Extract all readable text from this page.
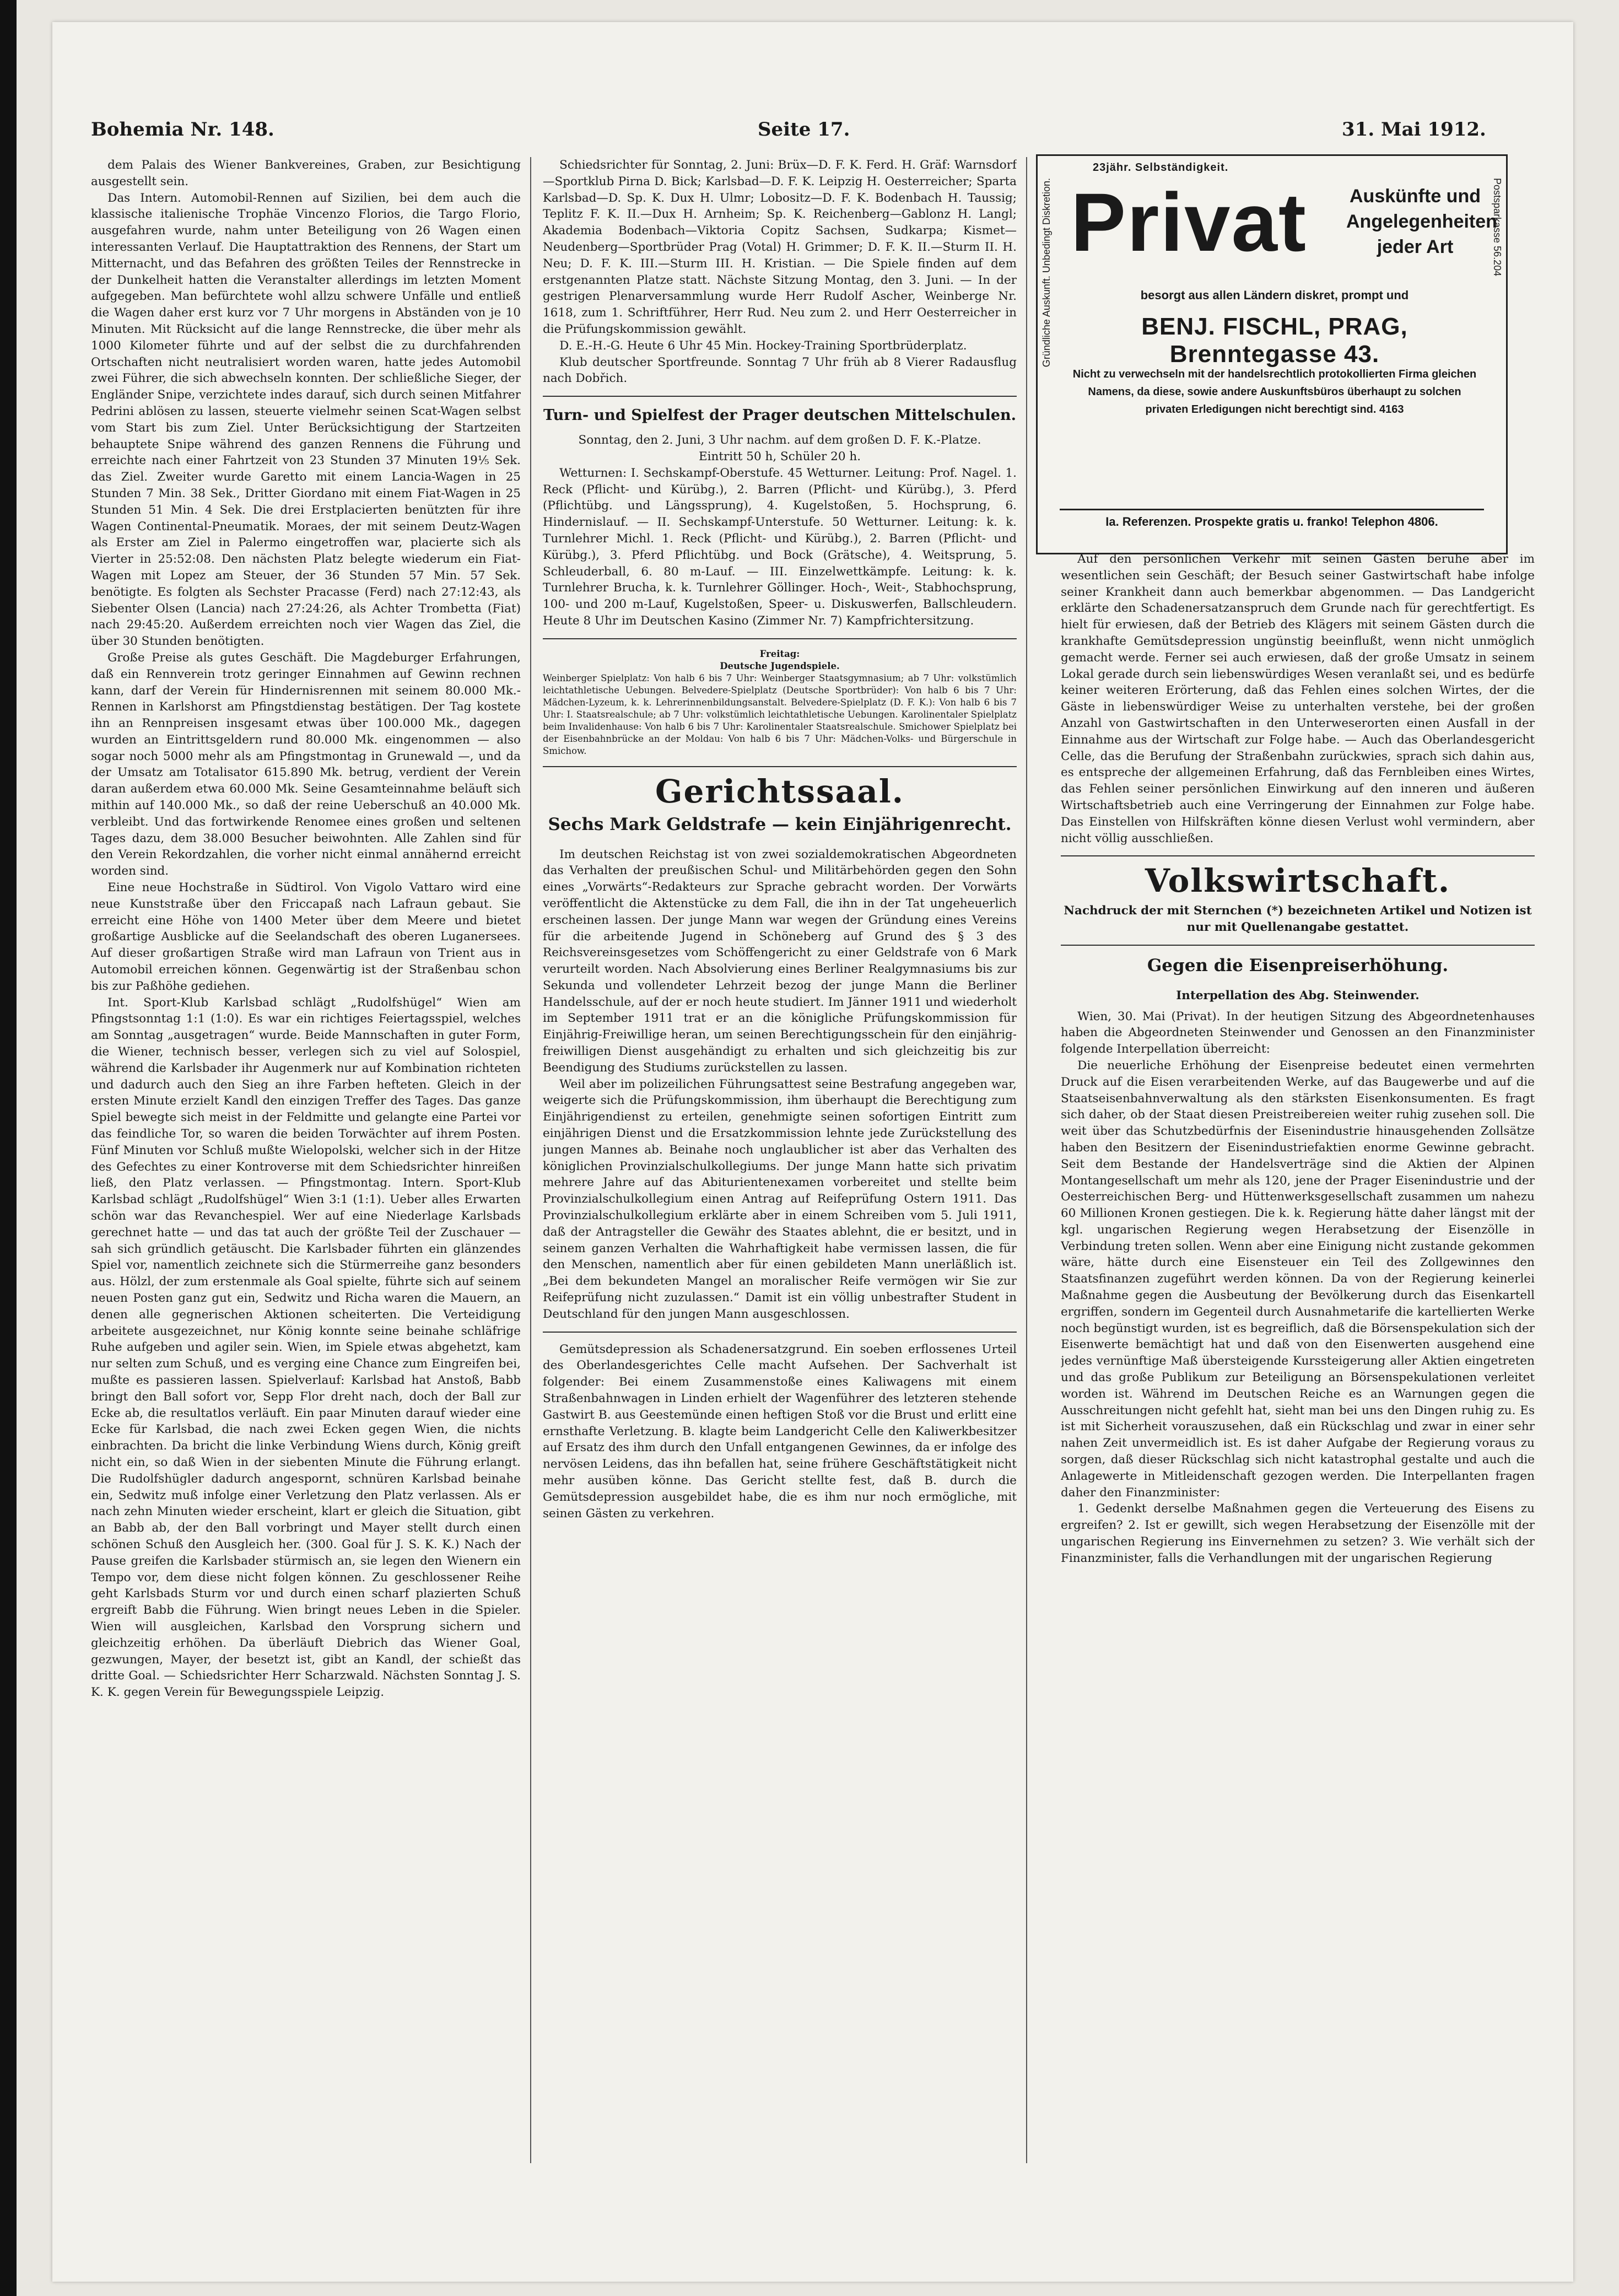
Bohemia Nr. 148.	Seite 17.	31. Mai 1912.

dem Palais des Wiener Bankvereines, Graben, zur Besichtigung ausgestellt sein.

Das Intern. Automobil-Rennen auf Sizilien, bei dem auch die klassische italienische Trophäe Vincenzo Florios, die Targo Florio, ausgefahren wurde, nahm unter Beteiligung von 26 Wagen einen interessanten Verlauf. Die Hauptattraktion des Rennens, der Start um Mitternacht, und das Befahren des größten Teiles der Rennstrecke in der Dunkelheit hatten die Veranstalter allerdings im letzten Moment aufgegeben. Man befürchtete wohl allzu schwere Unfälle und entließ die Wagen daher erst kurz vor 7 Uhr morgens in Abständen von je 10 Minuten. Mit Rücksicht auf die lange Rennstrecke, die über mehr als 1000 Kilometer führte und auf der selbst die zu durchfahrenden Ortschaften nicht neutralisiert worden waren, hatte jedes Automobil zwei Führer, die sich abwechseln konnten. Der schließliche Sieger, der Engländer Snipe, verzichtete indes darauf, sich durch seinen Mitfahrer Pedrini ablösen zu lassen, steuerte vielmehr seinen Scat-Wagen selbst vom Start bis zum Ziel. Unter Berücksichtigung der Startzeiten behauptete Snipe während des ganzen Rennens die Führung und erreichte nach einer Fahrtzeit von 23 Stunden 37 Minuten 19⅕ Sek. das Ziel. Zweiter wurde Garetto mit einem Lancia-Wagen in 25 Stunden 7 Min. 38 Sek., Dritter Giordano mit einem Fiat-Wagen in 25 Stunden 51 Min. 4 Sek. Die drei Erstplacierten benützten für ihre Wagen Continental-Pneumatik. Moraes, der mit seinem Deutz-Wagen als Erster am Ziel in Palermo eingetroffen war, placierte sich als Vierter in 25:52:08. Den nächsten Platz belegte wiederum ein Fiat-Wagen mit Lopez am Steuer, der 36 Stunden 57 Min. 57 Sek. benötigte. Es folgten als Sechster Pracasse (Ferd) nach 27:12:43, als Siebenter Olsen (Lancia) nach 27:24:26, als Achter Trombetta (Fiat) nach 29:45:20. Außerdem erreichten noch vier Wagen das Ziel, die über 30 Stunden benötigten.

Große Preise als gutes Geschäft. Die Magdeburger Erfahrungen, daß ein Rennverein trotz geringer Einnahmen auf Gewinn rechnen kann, darf der Verein für Hindernisrennen mit seinem 80.000 Mk.-Rennen in Karlshorst am Pfingstdienstag bestätigen. Der Tag kostete ihn an Rennpreisen insgesamt etwas über 100.000 Mk., dagegen wurden an Eintrittsgeldern rund 80.000 Mk. eingenommen — also sogar noch 5000 mehr als am Pfingstmontag in Grunewald —, und da der Umsatz am Totalisator 615.890 Mk. betrug, verdient der Verein daran außerdem etwa 60.000 Mk. Seine Gesamteinnahme beläuft sich mithin auf 140.000 Mk., so daß der reine Ueberschuß an 40.000 Mk. verbleibt. Und das fortwirkende Renomee eines großen und seltenen Tages dazu, dem 38.000 Besucher beiwohnten. Alle Zahlen sind für den Verein Rekordzahlen, die vorher nicht einmal annähernd erreicht worden sind.

Eine neue Hochstraße in Südtirol. Von Vigolo Vattaro wird eine neue Kunststraße über den Friccapaß nach Lafraun gebaut. Sie erreicht eine Höhe von 1400 Meter über dem Meere und bietet großartige Ausblicke auf die Seelandschaft des oberen Luganersees. Auf dieser großartigen Straße wird man Lafraun von Trient aus in Automobil erreichen können. Gegenwärtig ist der Straßenbau schon bis zur Paßhöhe gediehen.

Int. Sport-Klub Karlsbad schlägt „Rudolfshügel“ Wien am Pfingstsonntag 1:1 (1:0). Es war ein richtiges Feiertagsspiel, welches am Sonntag „ausgetragen“ wurde. Beide Mannschaften in guter Form, die Wiener, technisch besser, verlegen sich zu viel auf Solospiel, während die Karlsbader ihr Augenmerk nur auf Kombination richteten und dadurch auch den Sieg an ihre Farben hefteten. Gleich in der ersten Minute erzielt Kandl den einzigen Treffer des Tages. Das ganze Spiel bewegte sich meist in der Feldmitte und gelangte eine Partei vor das feindliche Tor, so waren die beiden Torwächter auf ihrem Posten. Fünf Minuten vor Schluß mußte Wielopolski, welcher sich in der Hitze des Gefechtes zu einer Kontroverse mit dem Schiedsrichter hinreißen ließ, den Platz verlassen. — Pfingstmontag. Intern. Sport-Klub Karlsbad schlägt „Rudolfshügel“ Wien 3:1 (1:1). Ueber alles Erwarten schön war das Revanchespiel. Wer auf eine Niederlage Karlsbads gerechnet hatte — und das tat auch der größte Teil der Zuschauer — sah sich gründlich getäuscht. Die Karlsbader führten ein glänzendes Spiel vor, namentlich zeichnete sich die Stürmerreihe ganz besonders aus. Hölzl, der zum erstenmale als Goal spielte, führte sich auf seinem neuen Posten ganz gut ein, Sedwitz und Richa waren die Mauern, an denen alle gegnerischen Aktionen scheiterten. Die Verteidigung arbeitete ausgezeichnet, nur König konnte seine beinahe schläfrige Ruhe aufgeben und agiler sein. Wien, im Spiele etwas abgehetzt, kam nur selten zum Schuß, und es verging eine Chance zum Eingreifen bei, mußte es passieren lassen. Spielverlauf: Karlsbad hat Anstoß, Babb bringt den Ball sofort vor, Sepp Flor dreht nach, doch der Ball zur Ecke ab, die resultatlos verläuft. Ein paar Minuten darauf wieder eine Ecke für Karlsbad, die nach zwei Ecken gegen Wien, die nichts einbrachten. Da bricht die linke Verbindung Wiens durch, König greift nicht ein, so daß Wien in der siebenten Minute die Führung erlangt. Die Rudolfshügler dadurch angespornt, schnüren Karlsbad beinahe ein, Sedwitz muß infolge einer Verletzung den Platz verlassen. Als er nach zehn Minuten wieder erscheint, klart er gleich die Situation, gibt an Babb ab, der den Ball vorbringt und Mayer stellt durch einen schönen Schuß den Ausgleich her. (300. Goal für J. S. K. K.) Nach der Pause greifen die Karlsbader stürmisch an, sie legen den Wienern ein Tempo vor, dem diese nicht folgen können. Zu geschlossener Reihe geht Karlsbads Sturm vor und durch einen scharf plazierten Schuß ergreift Babb die Führung. Wien bringt neues Leben in die Spieler. Wien will ausgleichen, Karlsbad den Vorsprung sichern und gleichzeitig erhöhen. Da überläuft Diebrich das Wiener Goal, gezwungen, Mayer, der besetzt ist, gibt an Kandl, der schießt das dritte Goal. — Schiedsrichter Herr Scharzwald. Nächsten Sonntag J. S. K. K. gegen Verein für Bewegungsspiele Leipzig.

Schiedsrichter für Sonntag, 2. Juni: Brüx—D. F. K. Ferd. H. Gräf: Warnsdorf—Sportklub Pirna D. Bick; Karlsbad—D. F. K. Leipzig H. Oesterreicher; Sparta Karlsbad—D. Sp. K. Dux H. Ulmr; Lobositz—D. F. K. Bodenbach H. Taussig; Teplitz F. K. II.—Dux H. Arnheim; Sp. K. Reichenberg—Gablonz H. Langl; Akademia Bodenbach—Viktoria Copitz Sachsen, Sudkarpa; Kismet—Neudenberg—Sportbrüder Prag (Votal) H. Grimmer; D. F. K. II.—Sturm II. H. Neu; D. F. K. III.—Sturm III. H. Kristian. — Die Spiele finden auf dem erstgenannten Platze statt. Nächste Sitzung Montag, den 3. Juni. — In der gestrigen Plenarversammlung wurde Herr Rudolf Ascher, Weinberge Nr. 1618, zum 1. Schriftführer, Herr Rud. Neu zum 2. und Herr Oesterreicher in die Prüfungskommission gewählt.

D. E.-H.-G. Heute 6 Uhr 45 Min. Hockey-Training Sportbrüderplatz.

Klub deutscher Sportfreunde. Sonntag 7 Uhr früh ab 8 Vierer Radausflug nach Dobřich.

Turn- und Spielfest der Prager deutschen Mittelschulen.

Sonntag, den 2. Juni, 3 Uhr nachm. auf dem großen D. F. K.-Platze.

Eintritt 50 h, Schüler 20 h.

Wetturnen: I. Sechskampf-Oberstufe. 45 Wetturner. Leitung: Prof. Nagel. 1. Reck (Pflicht- und Kürübg.), 2. Barren (Pflicht- und Kürübg.), 3. Pferd (Pflichtübg. und Längssprung), 4. Kugelstoßen, 5. Hochsprung, 6. Hindernislauf. — II. Sechskampf-Unterstufe. 50 Wetturner. Leitung: k. k. Turnlehrer Michl. 1. Reck (Pflicht- und Kürübg.), 2. Barren (Pflicht- und Kürübg.), 3. Pferd Pflichtübg. und Bock (Grätsche), 4. Weitsprung, 5. Schleuderball, 6. 80 m-Lauf. — III. Einzelwettkämpfe. Leitung: k. k. Turnlehrer Brucha, k. k. Turnlehrer Göllinger. Hoch-, Weit-, Stabhochsprung, 100- und 200 m-Lauf, Kugelstoßen, Speer- u. Diskuswerfen, Ballschleudern. Heute 8 Uhr im Deutschen Kasino (Zimmer Nr. 7) Kampfrichtersitzung.

Freitag:

Deutsche Jugendspiele.

Weinberger Spielplatz: Von halb 6 bis 7 Uhr: Weinberger Staatsgymnasium; ab 7 Uhr: volkstümlich leichtathletische Uebungen. Belvedere-Spielplatz (Deutsche Sportbrüder): Von halb 6 bis 7 Uhr: Mädchen-Lyzeum, k. k. Lehrerinnenbildungsanstalt. Belvedere-Spielplatz (D. F. K.): Von halb 6 bis 7 Uhr: I. Staatsrealschule; ab 7 Uhr: volkstümlich leichtathletische Uebungen. Karolinentaler Spielplatz beim Invalidenhause: Von halb 6 bis 7 Uhr: Karolinentaler Staatsrealschule. Smichower Spielplatz bei der Eisenbahnbrücke an der Moldau: Von halb 6 bis 7 Uhr: Mädchen-Volks- und Bürgerschule in Smichow.

Gerichtssaal.
Sechs Mark Geldstrafe — kein Einjährigenrecht.

Im deutschen Reichstag ist von zwei sozialdemokratischen Abgeordneten das Verhalten der preußischen Schul- und Militärbehörden gegen den Sohn eines „Vorwärts“-Redakteurs zur Sprache gebracht worden. Der Vorwärts veröffentlicht die Aktenstücke zu dem Fall, die ihn in der Tat ungeheuerlich erscheinen lassen. Der junge Mann war wegen der Gründung eines Vereins für die arbeitende Jugend in Schöneberg auf Grund des § 3 des Reichsvereinsgesetzes vom Schöffengericht zu einer Geldstrafe von 6 Mark verurteilt worden. Nach Absolvierung eines Berliner Realgymnasiums bis zur Sekunda und vollendeter Lehrzeit bezog der junge Mann die Berliner Handelsschule, auf der er noch heute studiert. Im Jänner 1911 und wiederholt im September 1911 trat er an die königliche Prüfungskommission für Einjährig-Freiwillige heran, um seinen Berechtigungsschein für den einjährig-freiwilligen Dienst ausgehändigt zu erhalten und sich gleichzeitig bis zur Beendigung des Studiums zurückstellen zu lassen.

Weil aber im polizeilichen Führungsattest seine Bestrafung angegeben war, weigerte sich die Prüfungskommission, ihm überhaupt die Berechtigung zum Einjährigendienst zu erteilen, genehmigte seinen sofortigen Eintritt zum einjährigen Dienst und die Ersatzkommission lehnte jede Zurückstellung des jungen Mannes ab. Beinahe noch unglaublicher ist aber das Verhalten des königlichen Provinzialschulkollegiums. Der junge Mann hatte sich privatim mehrere Jahre auf das Abiturientenexamen vorbereitet und stellte beim Provinzialschulkollegium einen Antrag auf Reifeprüfung Ostern 1911. Das Provinzialschulkollegium erklärte aber in einem Schreiben vom 5. Juli 1911, daß der Antragsteller die Gewähr des Staates ablehnt, die er besitzt, und in seinem ganzen Verhalten die Wahrhaftigkeit habe vermissen lassen, die für den Menschen, namentlich aber für einen gebildeten Mann unerläßlich ist. „Bei dem bekundeten Mangel an moralischer Reife vermögen wir Sie zur Reifeprüfung nicht zuzulassen.“ Damit ist ein völlig unbestrafter Student in Deutschland für den jungen Mann ausgeschlossen.

Gemütsdepression als Schadenersatzgrund. Ein soeben erflossenes Urteil des Oberlandesgerichtes Celle macht Aufsehen. Der Sachverhalt ist folgender: Bei einem Zusammenstoße eines Kaliwagens mit einem Straßenbahnwagen in Linden erhielt der Wagenführer des letzteren stehende Gastwirt B. aus Geestemünde einen heftigen Stoß vor die Brust und erlitt eine ernsthafte Verletzung. B. klagte beim Landgericht Celle den Kaliwerkbesitzer auf Ersatz des ihm durch den Unfall entgangenen Gewinnes, da er infolge des nervösen Leidens, das ihn befallen hat, seine frühere Geschäftstätigkeit nicht mehr ausüben könne. Das Gericht stellte fest, daß B. durch die Gemütsdepression ausgebildet habe, die es ihm nur noch ermögliche, mit seinen Gästen zu verkehren.

Gründliche Auskunft. Unbedingt Diskretion.	Postsparkasse 56.204
23jähr. Selbständigkeit.
Privat Auskünfte und Angelegenheiten jeder Art
besorgt aus allen Ländern diskret, prompt und
BENJ. FISCHL, PRAG, Brenntegasse 43.
Nicht zu verwechseln mit der handelsrechtlich protokollierten Firma gleichen Namens, da diese, sowie andere Auskunftsbüros überhaupt zu solchen privaten Erledigungen nicht berechtigt sind. 4163
Ia. Referenzen. Prospekte gratis u. franko! Telephon 4806.

Auf den persönlichen Verkehr mit seinen Gästen beruhe aber im wesentlichen sein Geschäft; der Besuch seiner Gastwirtschaft habe infolge seiner Krankheit dann auch bemerkbar abgenommen. — Das Landgericht erklärte den Schadenersatzanspruch dem Grunde nach für gerechtfertigt. Es hielt für erwiesen, daß der Betrieb des Klägers mit seinem Gästen durch die krankhafte Gemütsdepression ungünstig beeinflußt, wenn nicht unmöglich gemacht werde. Ferner sei auch erwiesen, daß der große Umsatz in seinem Lokal gerade durch sein liebenswürdiges Wesen veranlaßt sei, und es bedürfe keiner weiteren Erörterung, daß das Fehlen eines solchen Wirtes, der die Gäste in liebenswürdiger Weise zu unterhalten verstehe, bei der großen Anzahl von Gastwirtschaften in den Unterweserorten einen Ausfall in der Einnahme aus der Wirtschaft zur Folge habe. — Auch das Oberlandesgericht Celle, das die Berufung der Straßenbahn zurückwies, sprach sich dahin aus, es entspreche der allgemeinen Erfahrung, daß das Fernbleiben eines Wirtes, das Fehlen seiner persönlichen Einwirkung auf den inneren und äußeren Wirtschaftsbetrieb auch eine Verringerung der Einnahmen zur Folge habe. Das Einstellen von Hilfskräften könne diesen Verlust wohl vermindern, aber nicht völlig ausschließen.

Volkswirtschaft.

Nachdruck der mit Sternchen (*) bezeichneten Artikel und Notizen ist nur mit Quellenangabe gestattet.

Gegen die Eisenpreiserhöhung.

Interpellation des Abg. Steinwender.

Wien, 30. Mai (Privat). In der heutigen Sitzung des Abgeordnetenhauses haben die Abgeordneten Steinwender und Genossen an den Finanzminister folgende Interpellation überreicht:

Die neuerliche Erhöhung der Eisenpreise bedeutet einen vermehrten Druck auf die Eisen verarbeitenden Werke, auf das Baugewerbe und auf die Staatseisenbahnverwaltung als den stärksten Eisenkonsumenten. Es fragt sich daher, ob der Staat diesen Preistreibereien weiter ruhig zusehen soll. Die weit über das Schutzbedürfnis der Eisenindustrie hinausgehenden Zollsätze haben den Besitzern der Eisenindustriefaktien enorme Gewinne gebracht. Seit dem Bestande der Handelsverträge sind die Aktien der Alpinen Montangesellschaft um mehr als 120, jene der Prager Eisenindustrie und der Oesterreichischen Berg- und Hüttenwerksgesellschaft zusammen um nahezu 60 Millionen Kronen gestiegen. Die k. k. Regierung hätte daher längst mit der kgl. ungarischen Regierung wegen Herabsetzung der Eisenzölle in Verbindung treten sollen. Wenn aber eine Einigung nicht zustande gekommen wäre, hätte durch eine Eisensteuer ein Teil des Zollgewinnes den Staatsfinanzen zugeführt werden können. Da von der Regierung keinerlei Maßnahme gegen die Ausbeutung der Bevölkerung durch das Eisenkartell ergriffen, sondern im Gegenteil durch Ausnahmetarife die kartellierten Werke noch begünstigt wurden, ist es begreiflich, daß die Börsenspekulation sich der Eisenwerte bemächtigt hat und daß von den Eisenwerten ausgehend eine jedes vernünftige Maß übersteigende Kurssteigerung aller Aktien eingetreten und das große Publikum zur Beteiligung an Börsenspekulationen verleitet worden ist. Während im Deutschen Reiche es an Warnungen gegen die Ausschreitungen nicht gefehlt hat, sieht man bei uns den Dingen ruhig zu. Es ist mit Sicherheit vorauszusehen, daß ein Rückschlag und zwar in einer sehr nahen Zeit unvermeidlich ist. Es ist daher Aufgabe der Regierung voraus zu sorgen, daß dieser Rückschlag sich nicht katastrophal gestalte und auch die Anlagewerte in Mitleidenschaft gezogen werden. Die Interpellanten fragen daher den Finanzminister:

1. Gedenkt derselbe Maßnahmen gegen die Verteuerung des Eisens zu ergreifen? 2. Ist er gewillt, sich wegen Herabsetzung der Eisenzölle mit der ungarischen Regierung ins Einvernehmen zu setzen? 3. Wie verhält sich der Finanzminister, falls die Verhandlungen mit der ungarischen Regierung
